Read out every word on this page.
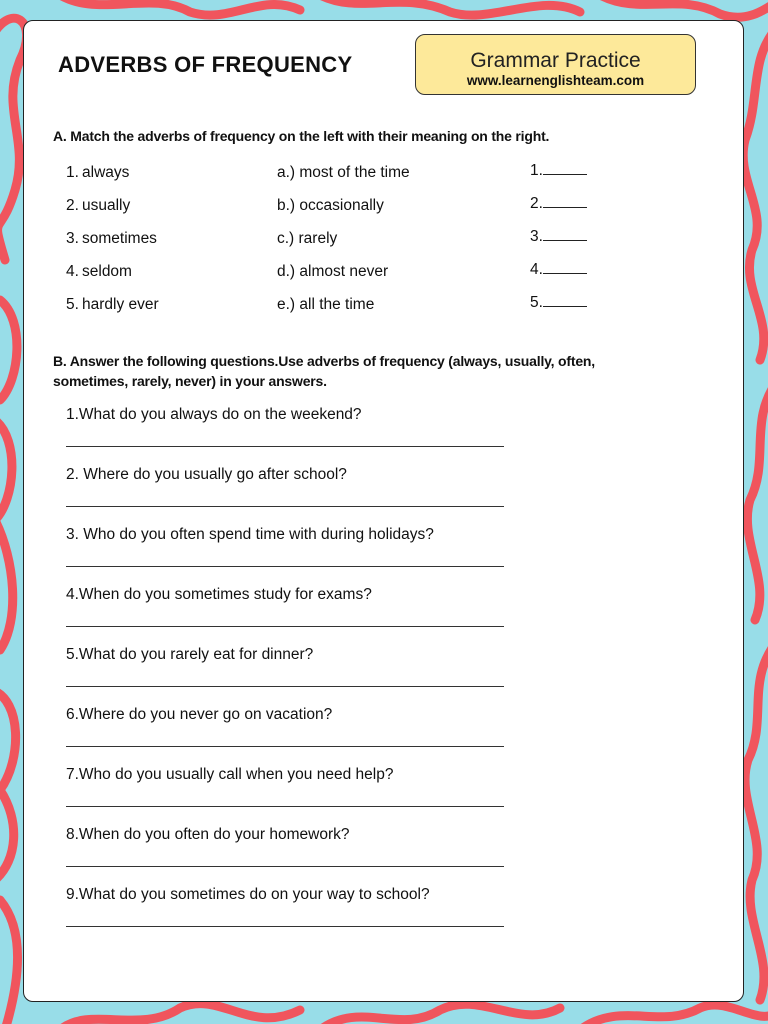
ADVERBS OF FREQUENCY	Grammar Practice
www.learnenglishteam.com

A. Match the adverbs of frequency on the left with their meaning on the right.

1. always
2. usually
3. sometimes
4. seldom
5. hardly ever
a.) most of the time
b.) occasionally
c.) rarely
d.) almost never
e.) all the time
1.
2.
3.
4.
5.

B. Answer the following questions.Use adverbs of frequency (always, usually, often, sometimes, rarely, never) in your answers.

1.What do you always do on the weekend?
2. Where do you usually go after school?
3. Who do you often spend time with during holidays?
4.When do you sometimes study for exams?
5.What do you rarely eat for dinner?
6.Where do you never go on vacation?
7.Who do you usually call when you need help?
8.When do you often do your homework?
9.What do you sometimes do on your way to school?
